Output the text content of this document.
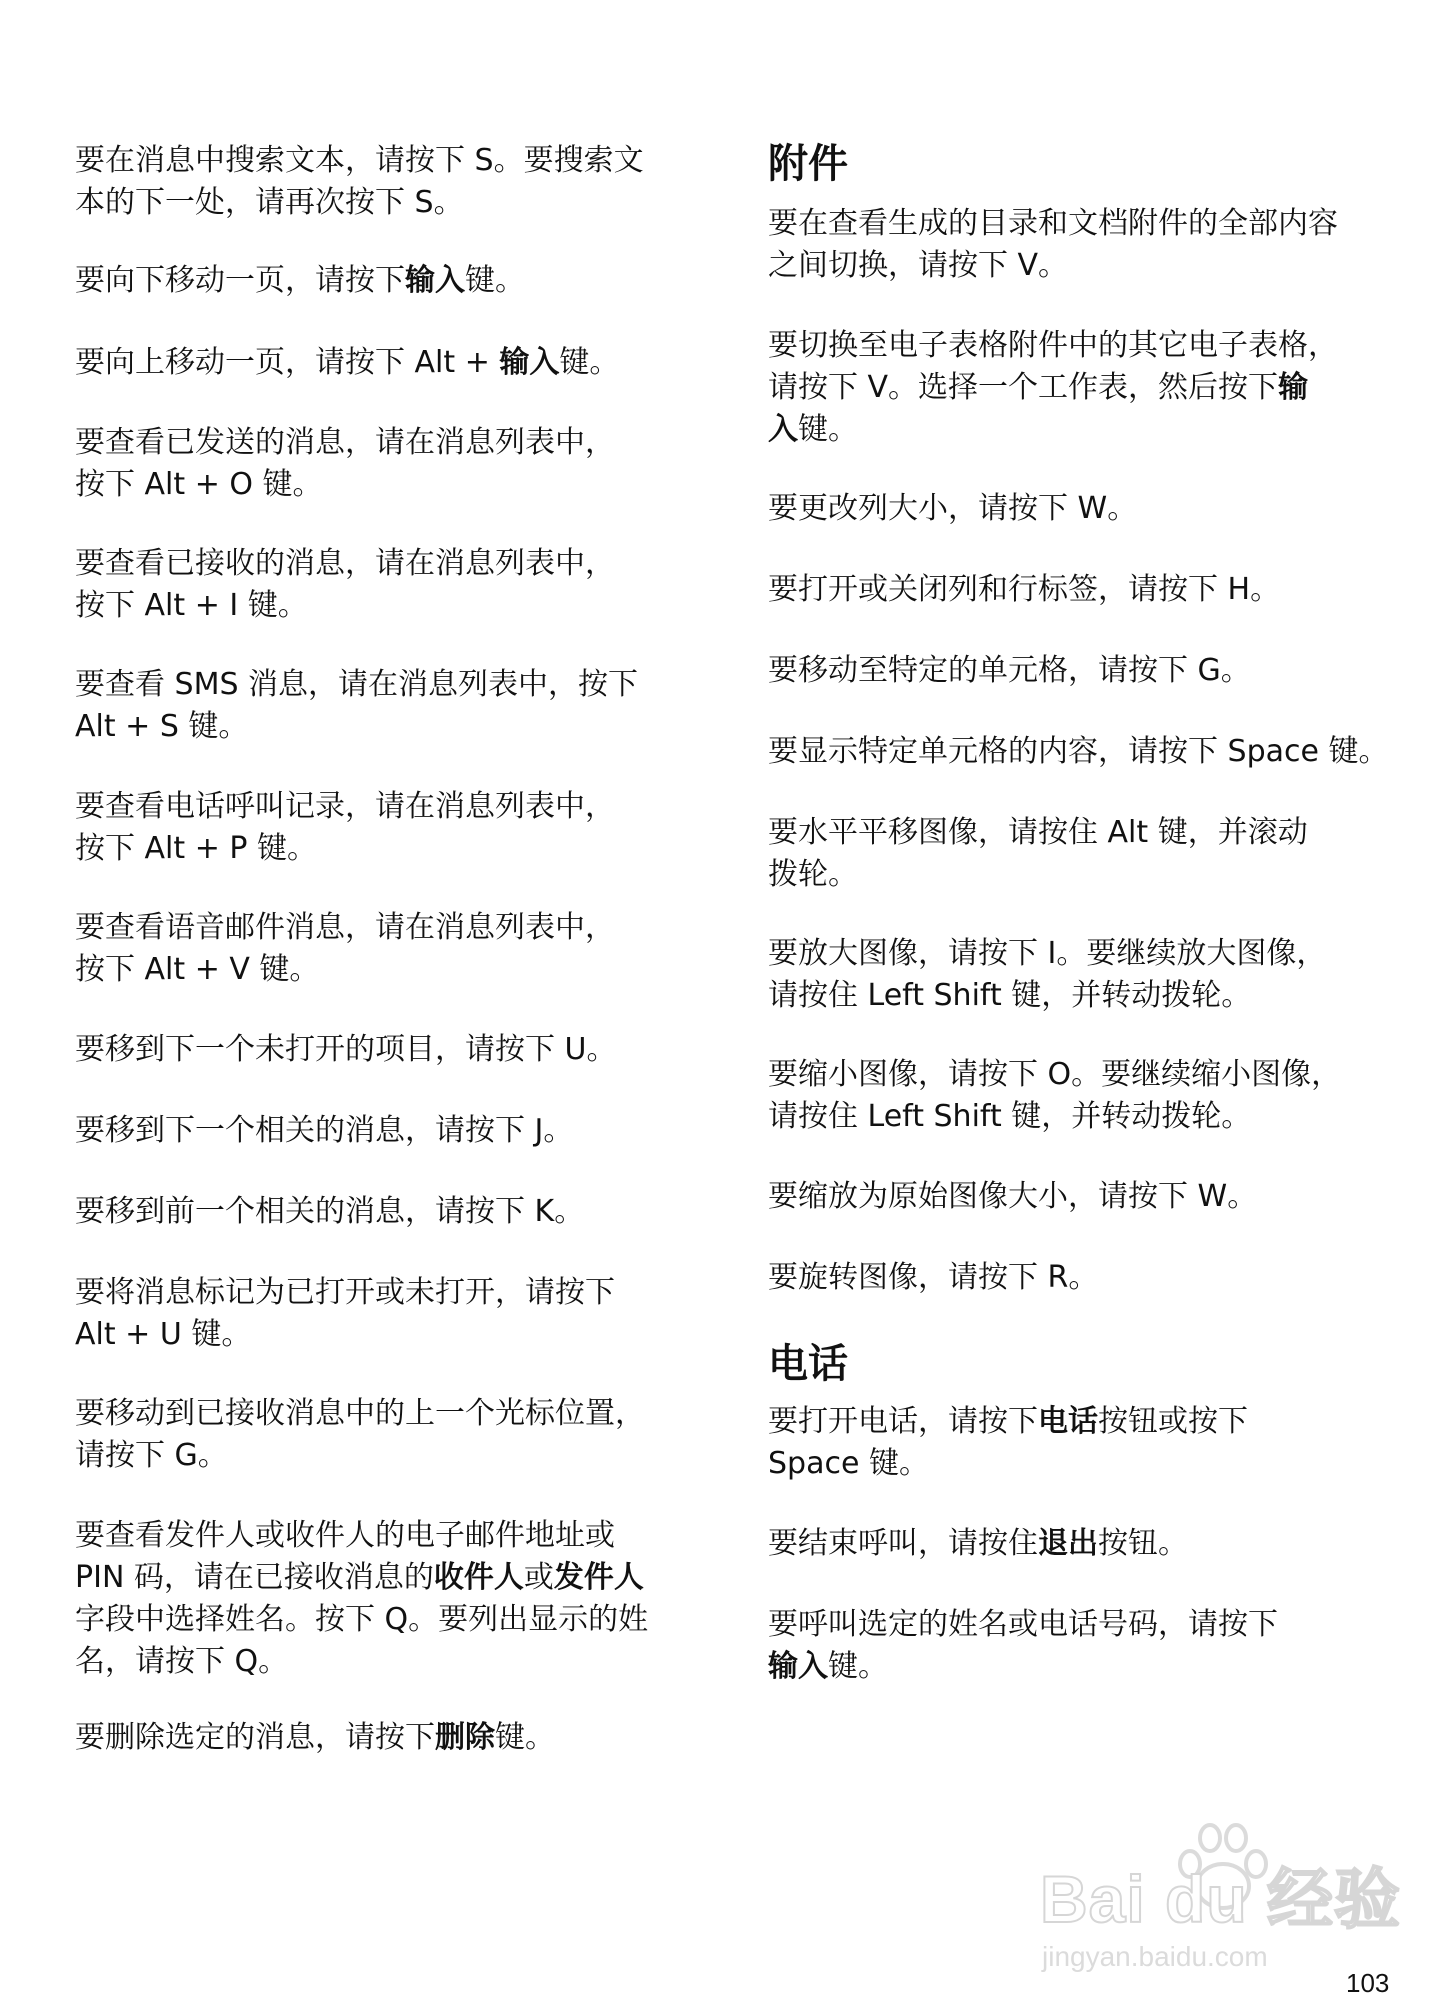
要在消息中搜索文本，请按下 S。要搜索文
本的下一处，请再次按下 S。

要向下移动一页，请按下输入键。

要向上移动一页，请按下 Alt + 输入键。

要查看已发送的消息，请在消息列表中，
按下 Alt + O 键。

要查看已接收的消息，请在消息列表中，
按下 Alt + I 键。

要查看 SMS 消息，请在消息列表中，按下
Alt + S 键。

要查看电话呼叫记录，请在消息列表中，
按下 Alt + P 键。

要查看语音邮件消息，请在消息列表中，
按下 Alt + V 键。

要移到下一个未打开的项目，请按下 U。

要移到下一个相关的消息，请按下 J。

要移到前一个相关的消息，请按下 K。

要将消息标记为已打开或未打开，请按下
Alt + U 键。

要移动到已接收消息中的上一个光标位置，
请按下 G。

要查看发件人或收件人的电子邮件地址或
PIN 码，请在已接收消息的收件人或发件人
字段中选择姓名。按下 Q。要列出显示的姓
名，请按下 Q。

要删除选定的消息，请按下删除键。

附件

要在查看生成的目录和文档附件的全部内容
之间切换，请按下 V。

要切换至电子表格附件中的其它电子表格，
请按下 V。选择一个工作表，然后按下输
入键。

要更改列大小，请按下 W。

要打开或关闭列和行标签，请按下 H。

要移动至特定的单元格，请按下 G。

要显示特定单元格的内容，请按下 Space 键。

要水平平移图像，请按住 Alt 键，并滚动
拨轮。

要放大图像，请按下 I。要继续放大图像，
请按住 Left Shift 键，并转动拨轮。

要缩小图像，请按下 O。要继续缩小图像，
请按住 Left Shift 键，并转动拨轮。

要缩放为原始图像大小，请按下 W。

要旋转图像，请按下 R。

电话

要打开电话，请按下电话按钮或按下
Space 键。

要结束呼叫，请按住退出按钮。

要呼叫选定的姓名或电话号码，请按下
输入键。

Bai du 经验
jingyan.baidu.com
103
